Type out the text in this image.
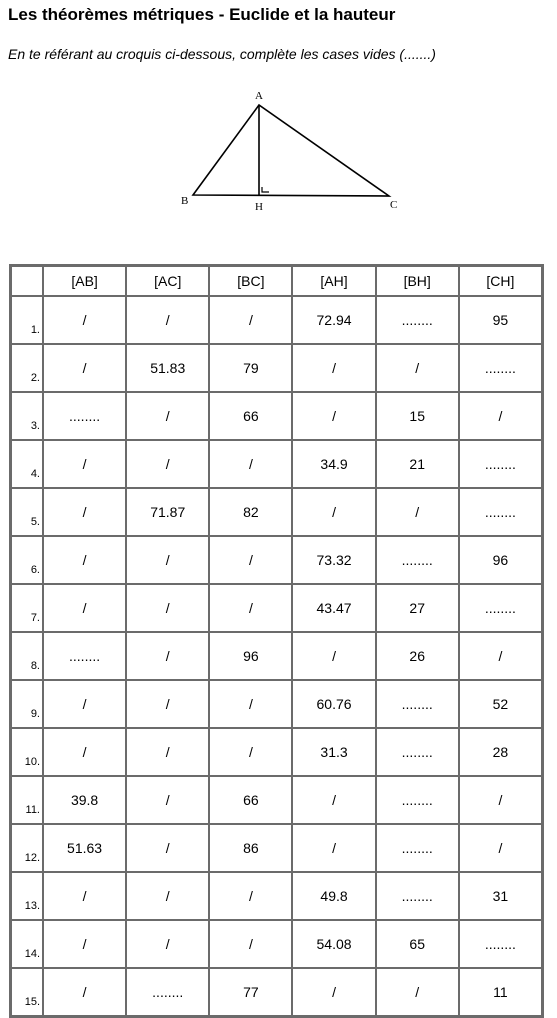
Les théorèmes métriques - Euclide et la hauteur
En te référant au croquis ci-dessous, complète les cases vides (.......)
A
B	H	C
	[AB]	[AC]	[BC]	[AH]	[BH]	[CH]
1.	/	/	/	72.94	........	95
2.	/	51.83	79	/	/	........
3.	........	/	66	/	15	/
4.	/	/	/	34.9	21	........
5.	/	71.87	82	/	/	........
6.	/	/	/	73.32	........	96
7.	/	/	/	43.47	27	........
8.	........	/	96	/	26	/
9.	/	/	/	60.76	........	52
10.	/	/	/	31.3	........	28
11.	39.8	/	66	/	........	/
12.	51.63	/	86	/	........	/
13.	/	/	/	49.8	........	31
14.	/	/	/	54.08	65	........
15.	/	........	77	/	/	11
